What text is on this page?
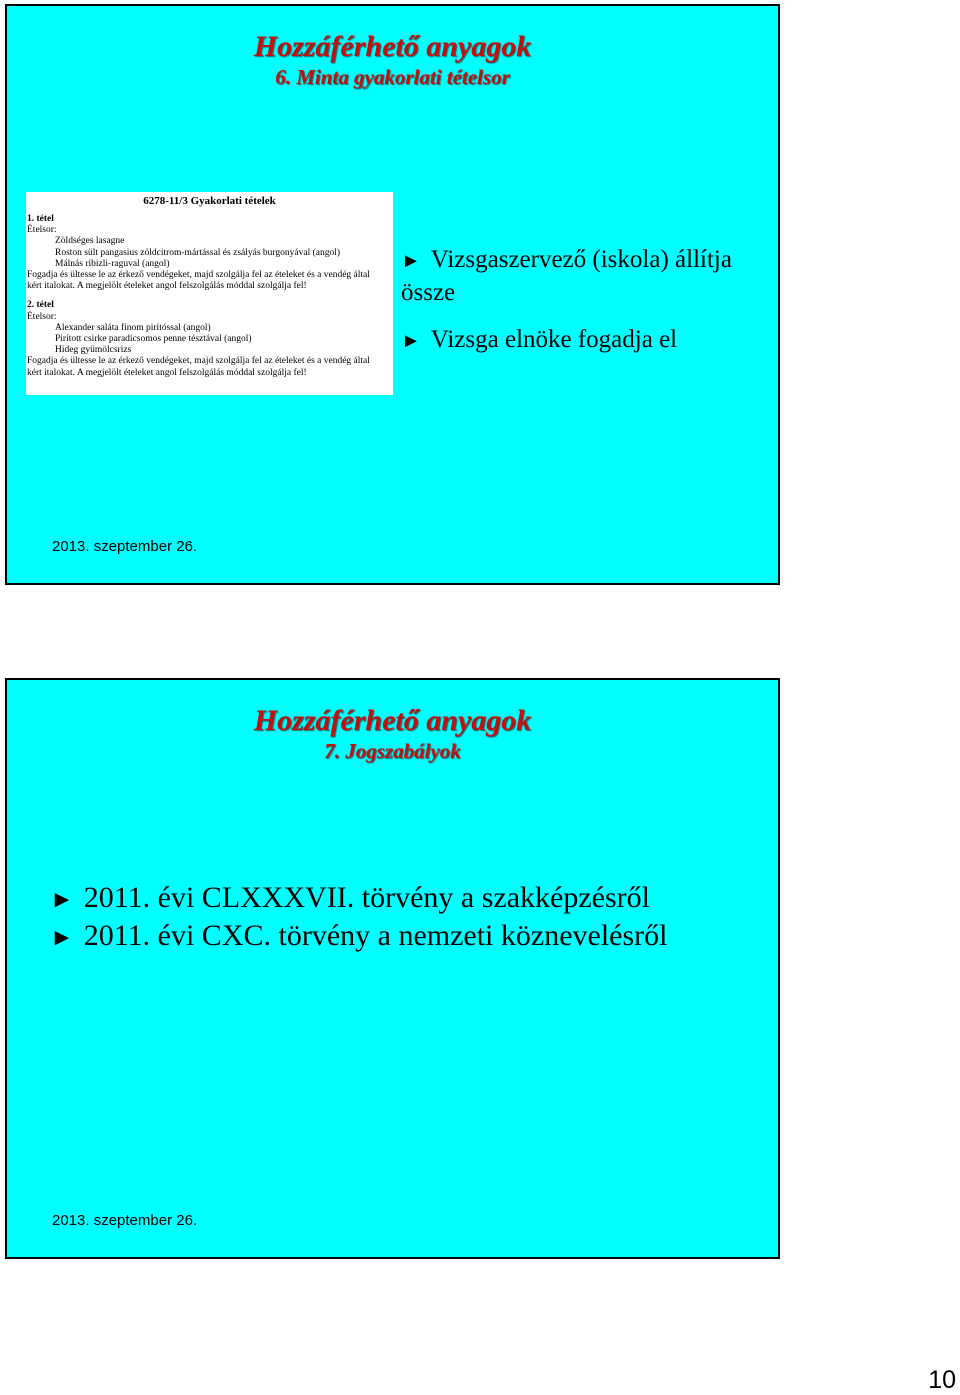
Hozzáférhető anyagok
6. Minta gyakorlati tételsor
6278-11/3 Gyakorlati tételek
1. tétel
Ételsor:
Zöldséges lasagne
Roston sült pangasius zöldcitrom-mártással és zsályás burgonyával (angol)
Málnás ribizli-raguval (angol)
Fogadja és ültesse le az érkező vendégeket, majd szolgálja fel az ételeket és a vendég által
kért italokat. A megjelölt ételeket angol felszolgálás móddal szolgálja fel!
2. tétel
Ételsor:
Alexander saláta finom pirítóssal (angol)
Pirított csirke paradicsomos penne tésztával (angol)
Hideg gyümölcsrizs
Fogadja és ültesse le az érkező vendégeket, majd szolgálja fel az ételeket és a vendég által
kért italokat. A megjelölt ételeket angol felszolgálás móddal szolgálja fel!
► Vizsgaszervező (iskola) állítja össze
► Vizsga elnöke fogadja el
2013. szeptember 26.
Hozzáférhető anyagok
7. Jogszabályok
► 2011. évi CLXXXVII. törvény a szakképzésről
► 2011. évi CXC. törvény a nemzeti köznevelésről
2013. szeptember 26.
10
